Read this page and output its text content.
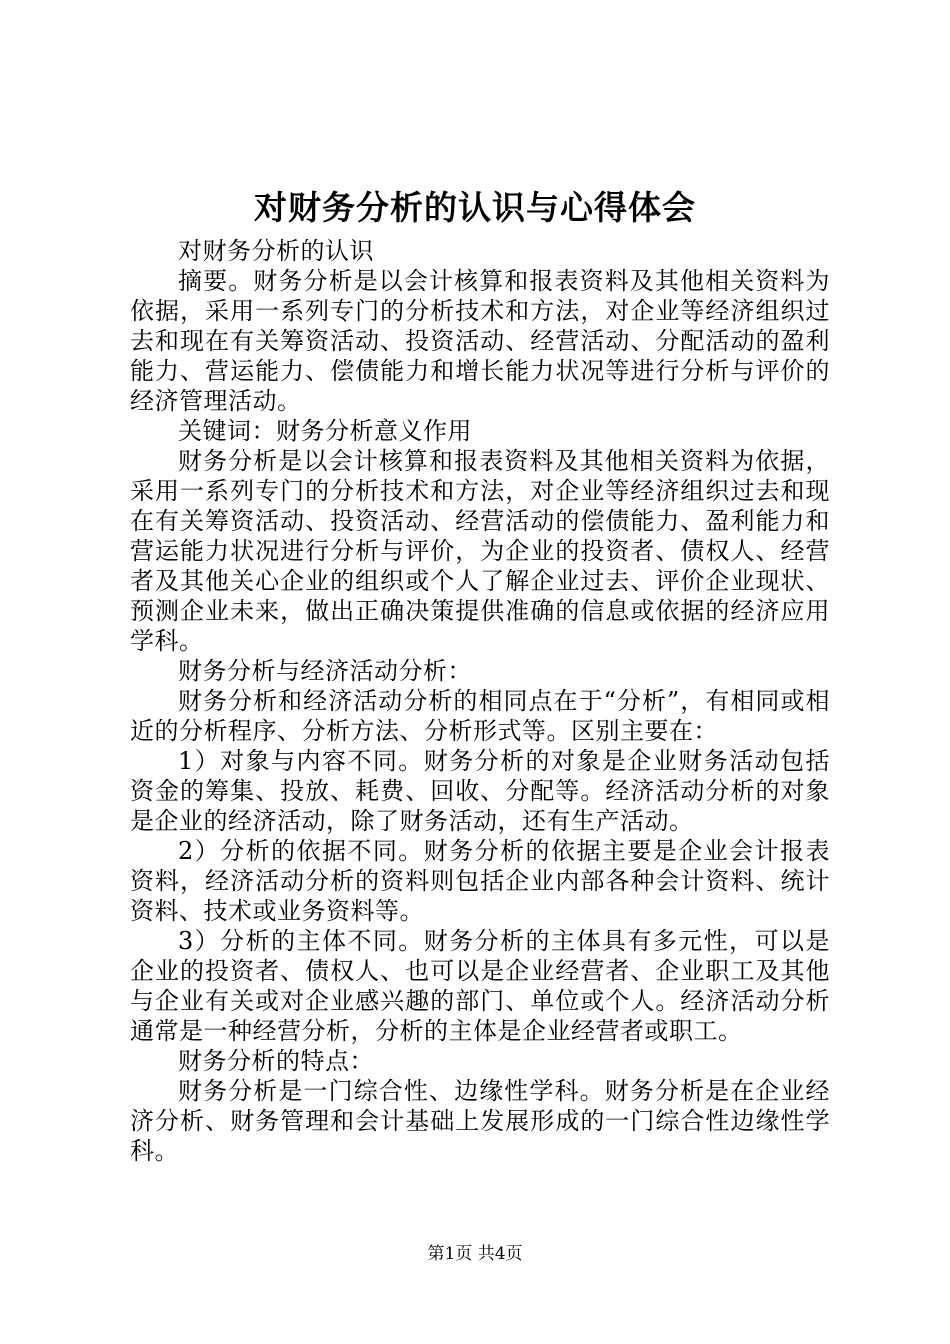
对财务分析的认识与心得体会

对财务分析的认识

摘要。财务分析是以会计核算和报表资料及其他相关资料为依据，采用一系列专门的分析技术和方法，对企业等经济组织过去和现在有关筹资活动、投资活动、经营活动、分配活动的盈利能力、营运能力、偿债能力和增长能力状况等进行分析与评价的经济管理活动。

关键词：财务分析意义作用

财务分析是以会计核算和报表资料及其他相关资料为依据，采用一系列专门的分析技术和方法，对企业等经济组织过去和现在有关筹资活动、投资活动、经营活动的偿债能力、盈利能力和营运能力状况进行分析与评价，为企业的投资者、债权人、经营者及其他关心企业的组织或个人了解企业过去、评价企业现状、预测企业未来，做出正确决策提供准确的信息或依据的经济应用学科。

财务分析与经济活动分析：

财务分析和经济活动分析的相同点在于“分析”，有相同或相近的分析程序、分析方法、分析形式等。区别主要在：

1）对象与内容不同。财务分析的对象是企业财务活动包括资金的筹集、投放、耗费、回收、分配等。经济活动分析的对象是企业的经济活动，除了财务活动，还有生产活动。

2）分析的依据不同。财务分析的依据主要是企业会计报表资料，经济活动分析的资料则包括企业内部各种会计资料、统计资料、技术或业务资料等。

3）分析的主体不同。财务分析的主体具有多元性，可以是企业的投资者、债权人、也可以是企业经营者、企业职工及其他与企业有关或对企业感兴趣的部门、单位或个人。经济活动分析通常是一种经营分析，分析的主体是企业经营者或职工。

财务分析的特点：

财务分析是一门综合性、边缘性学科。财务分析是在企业经济分析、财务管理和会计基础上发展形成的一门综合性边缘性学科。

第1页 共4页
